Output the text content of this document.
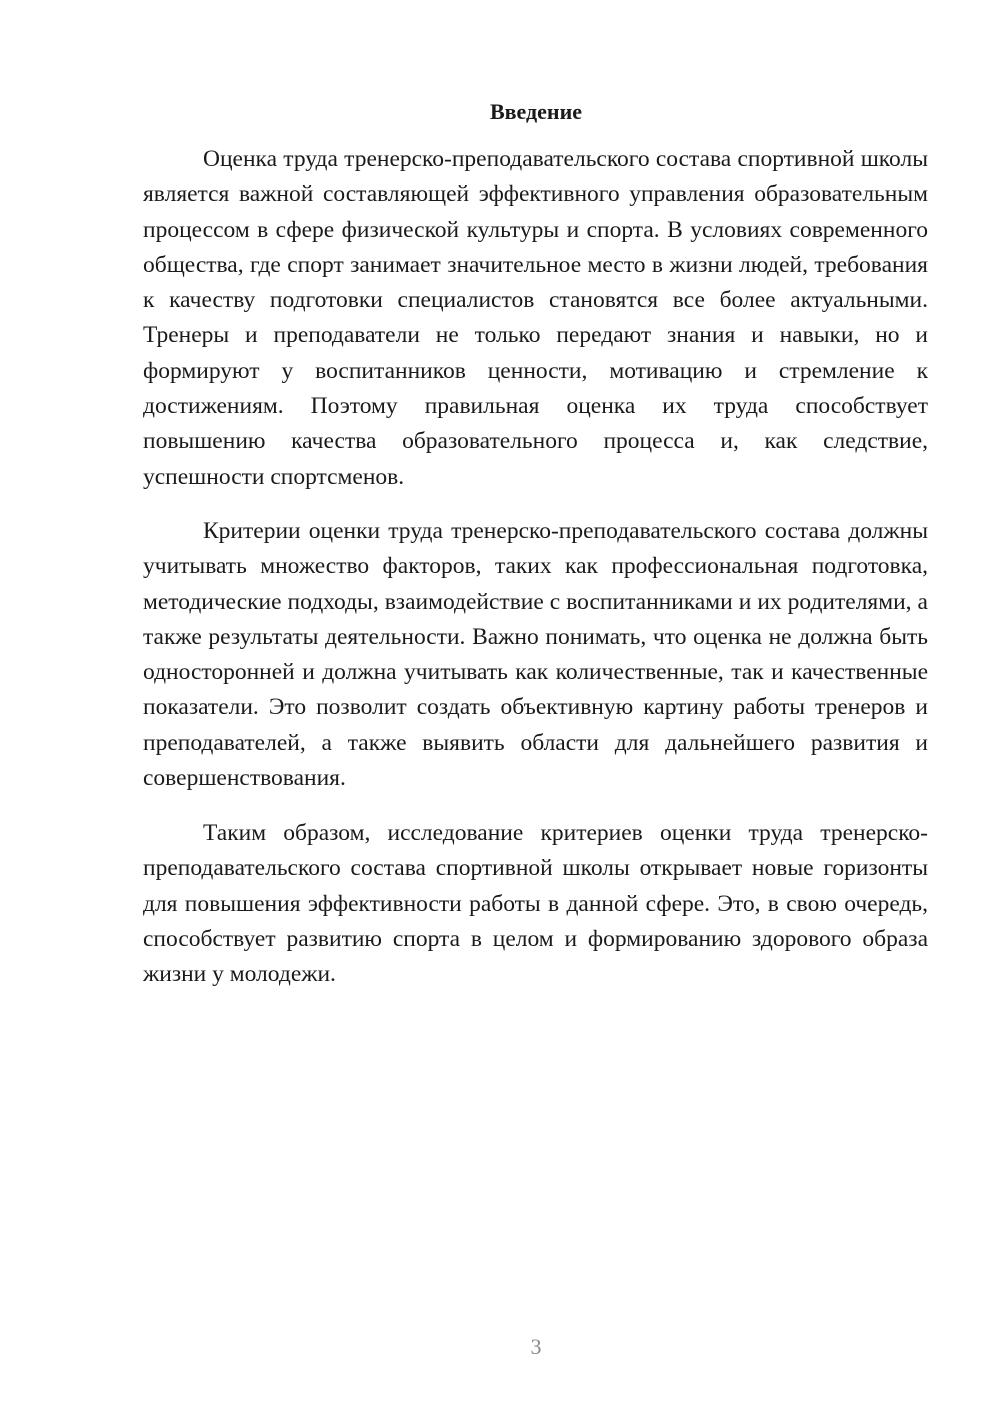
Введение

Оценка труда тренерско-преподавательского состава спортивной школы является важной составляющей эффективного управления образовательным процессом в сфере физической культуры и спорта. В условиях современного общества, где спорт занимает значительное место в жизни людей, требования к качеству подготовки специалистов становятся все более актуальными. Тренеры и преподаватели не только передают знания и навыки, но и формируют у воспитанников ценности, мотивацию и стремление к достижениям. Поэтому правильная оценка их труда способствует повышению качества образовательного процесса и, как следствие, успешности спортсменов.

Критерии оценки труда тренерско-преподавательского состава должны учитывать множество факторов, таких как профессиональная подготовка, методические подходы, взаимодействие с воспитанниками и их родителями, а также результаты деятельности. Важно понимать, что оценка не должна быть односторонней и должна учитывать как количественные, так и качественные показатели. Это позволит создать объективную картину работы тренеров и преподавателей, а также выявить области для дальнейшего развития и совершенствования.

Таким образом, исследование критериев оценки труда тренерско-преподавательского состава спортивной школы открывает новые горизонты для повышения эффективности работы в данной сфере. Это, в свою очередь, способствует развитию спорта в целом и формированию здорового образа жизни у молодежи.

3
